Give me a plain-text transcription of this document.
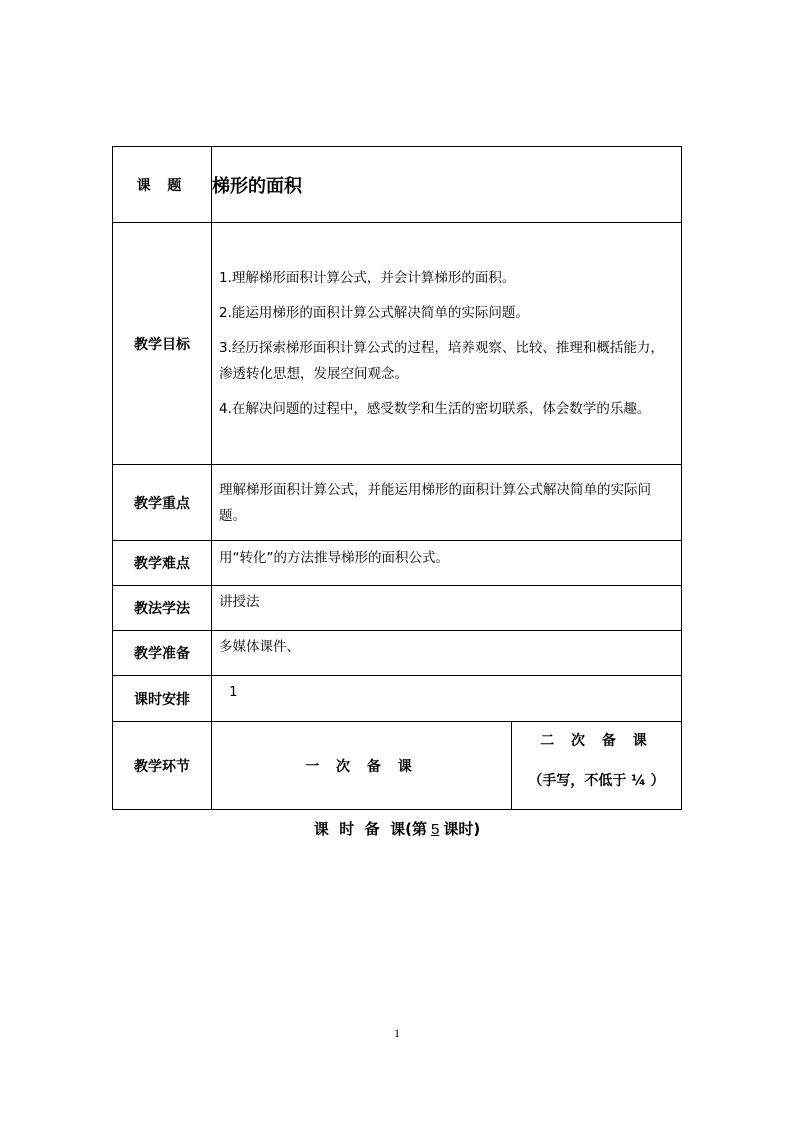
课 题	梯形的面积	
教学目标	1.理解梯形面积计算公式，并会计算梯形的面积。

2.能运用梯形的面积计算公式解决简单的实际问题。

3.经历探索梯形面积计算公式的过程，培养观察、比较、推理和概括能力，渗透转化思想，发展空间观念。

4.在解决问题的过程中，感受数学和生活的密切联系，体会数学的乐趣。	

教学重点	理解梯形面积计算公式，并能运用梯形的面积计算公式解决简单的实际问题。	
教学难点	用“转化”的方法推导梯形的面积公式。	
教法学法	讲授法	
教学准备	多媒体课件、	
课时安排	1	
教学环节	一 次 备 课	二 次 备 课
（手写，不低于 ¼ ）
课  时  备  课(第 5 课时)
1
